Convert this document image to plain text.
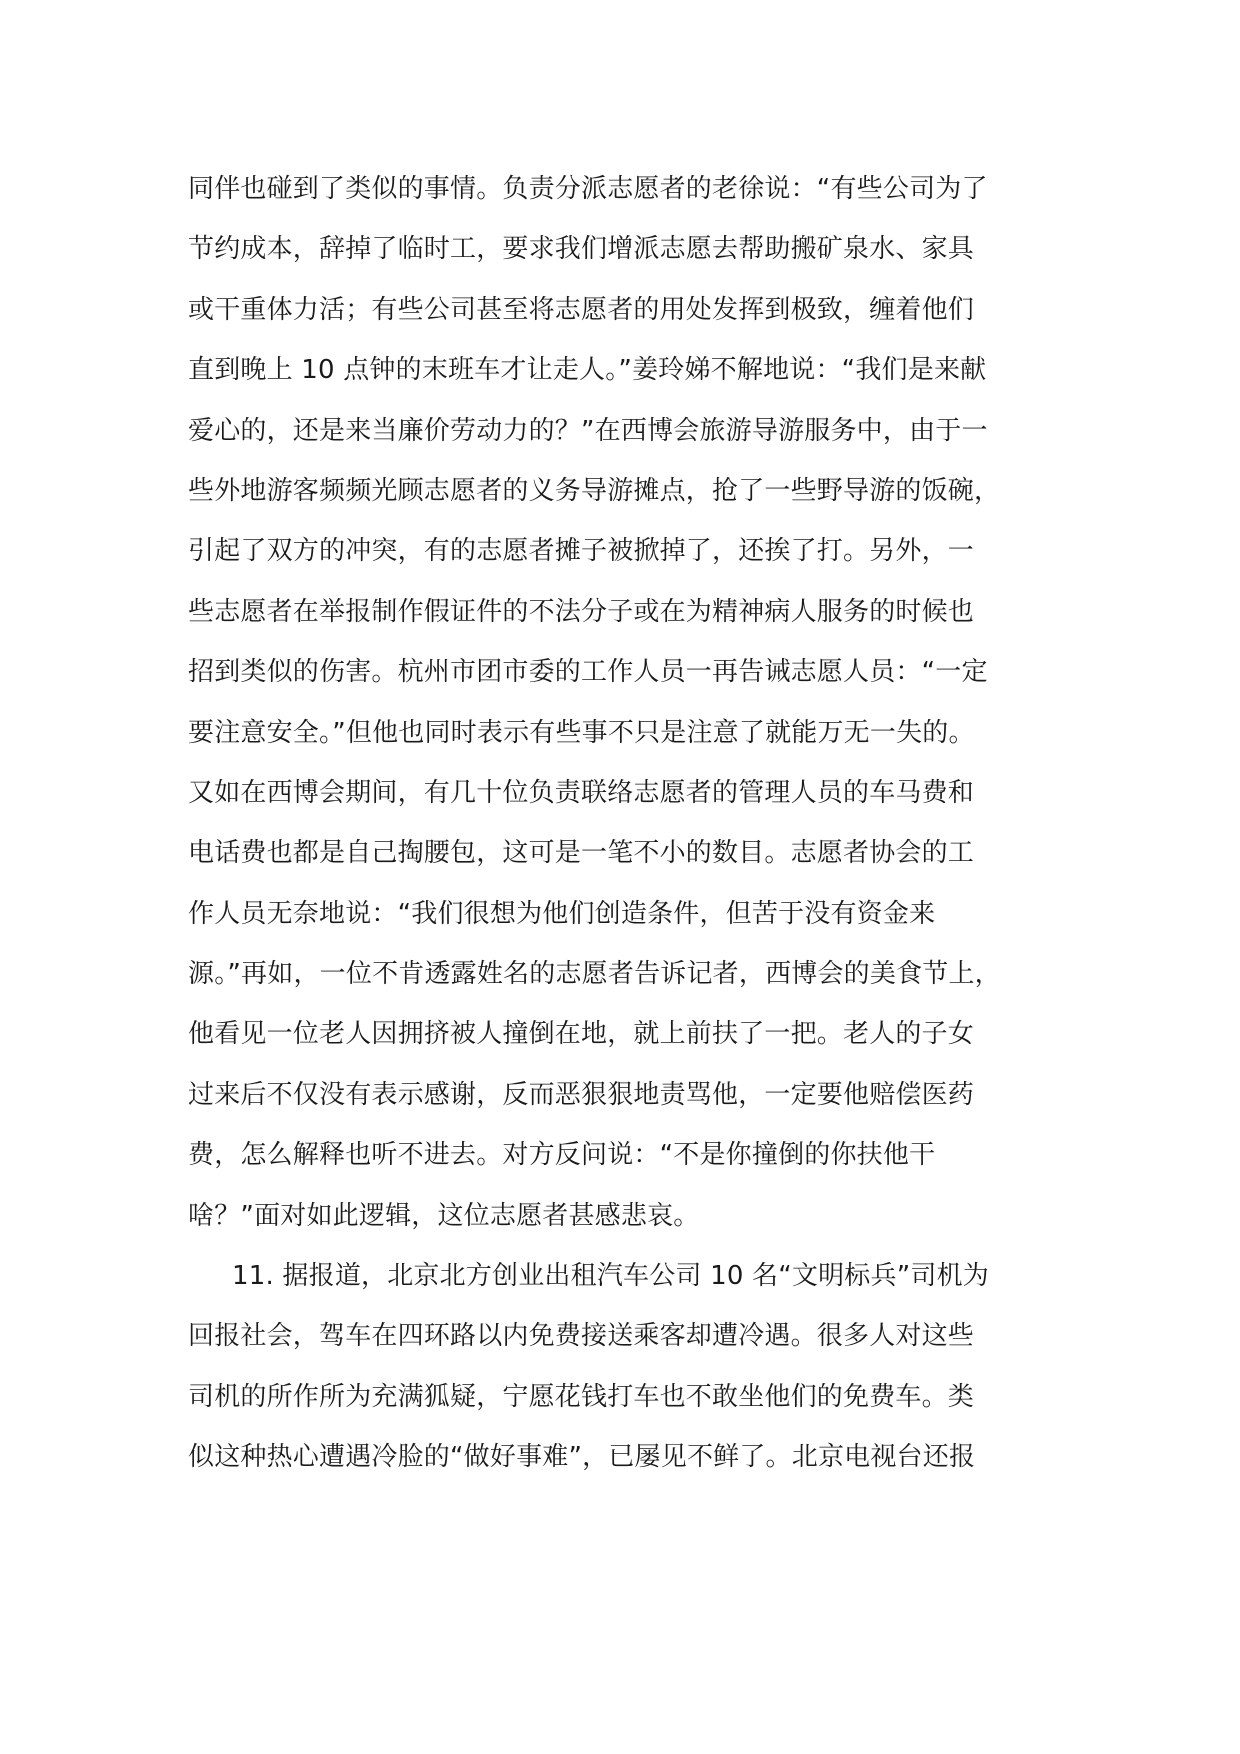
同伴也碰到了类似的事情。负责分派志愿者的老徐说：“有些公司为了
节约成本，辞掉了临时工，要求我们增派志愿去帮助搬矿泉水、家具
或干重体力活；有些公司甚至将志愿者的用处发挥到极致，缠着他们
直到晚上 10 点钟的末班车才让走人。”姜玲娣不解地说：“我们是来献
爱心的，还是来当廉价劳动力的？”在西博会旅游导游服务中，由于一
些外地游客频频光顾志愿者的义务导游摊点，抢了一些野导游的饭碗，
引起了双方的冲突，有的志愿者摊子被掀掉了，还挨了打。另外，一
些志愿者在举报制作假证件的不法分子或在为精神病人服务的时候也
招到类似的伤害。杭州市团市委的工作人员一再告诫志愿人员：“一定
要注意安全。”但他也同时表示有些事不只是注意了就能万无一失的。
又如在西博会期间，有几十位负责联络志愿者的管理人员的车马费和
电话费也都是自己掏腰包，这可是一笔不小的数目。志愿者协会的工
作人员无奈地说：“我们很想为他们创造条件，但苦于没有资金来
源。”再如，一位不肯透露姓名的志愿者告诉记者，西博会的美食节上，
他看见一位老人因拥挤被人撞倒在地，就上前扶了一把。老人的子女
过来后不仅没有表示感谢，反而恶狠狠地责骂他，一定要他赔偿医药
费，怎么解释也听不进去。对方反问说：“不是你撞倒的你扶他干
啥？”面对如此逻辑，这位志愿者甚感悲哀。
11. 据报道，北京北方创业出租汽车公司 10 名“文明标兵”司机为
回报社会，驾车在四环路以内免费接送乘客却遭冷遇。很多人对这些
司机的所作所为充满狐疑，宁愿花钱打车也不敢坐他们的免费车。类
似这种热心遭遇冷脸的“做好事难”，已屡见不鲜了。北京电视台还报
